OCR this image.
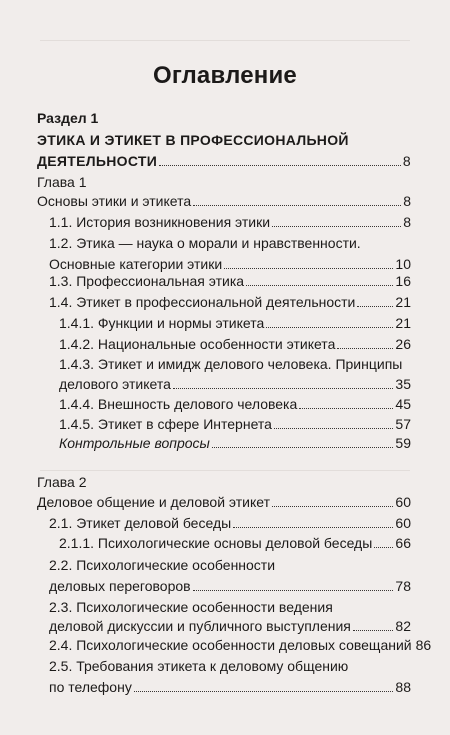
Оглавление
Раздел 1
ЭТИКА И ЭТИКЕТ В ПРОФЕССИОНАЛЬНОЙ
ДЕЯТЕЛЬНОСТИ	8
Глава 1
Основы этики и этикета	8
1.1. История возникновения этики	8
1.2. Этика — наука о морали и нравственности.
Основные категории этики	10
1.3. Профессиональная этика	16
1.4. Этикет в профессиональной деятельности	21
1.4.1. Функции и нормы этикета	21
1.4.2. Национальные особенности этикета	26
1.4.3. Этикет и имидж делового человека. Принципы
делового этикета	35
1.4.4. Внешность делового человека	45
1.4.5. Этикет в сфере Интернета	57
Контрольные вопросы	59
Глава 2
Деловое общение и деловой этикет	60
2.1. Этикет деловой беседы	60
2.1.1. Психологические основы деловой беседы 66
2.2. Психологические особенности
деловых переговоров	78
2.3. Психологические особенности ведения
деловой дискуссии и публичного выступления	82
2.4. Психологические особенности деловых совещаний 86
2.5. Требования этикета к деловому общению
по телефону	88
